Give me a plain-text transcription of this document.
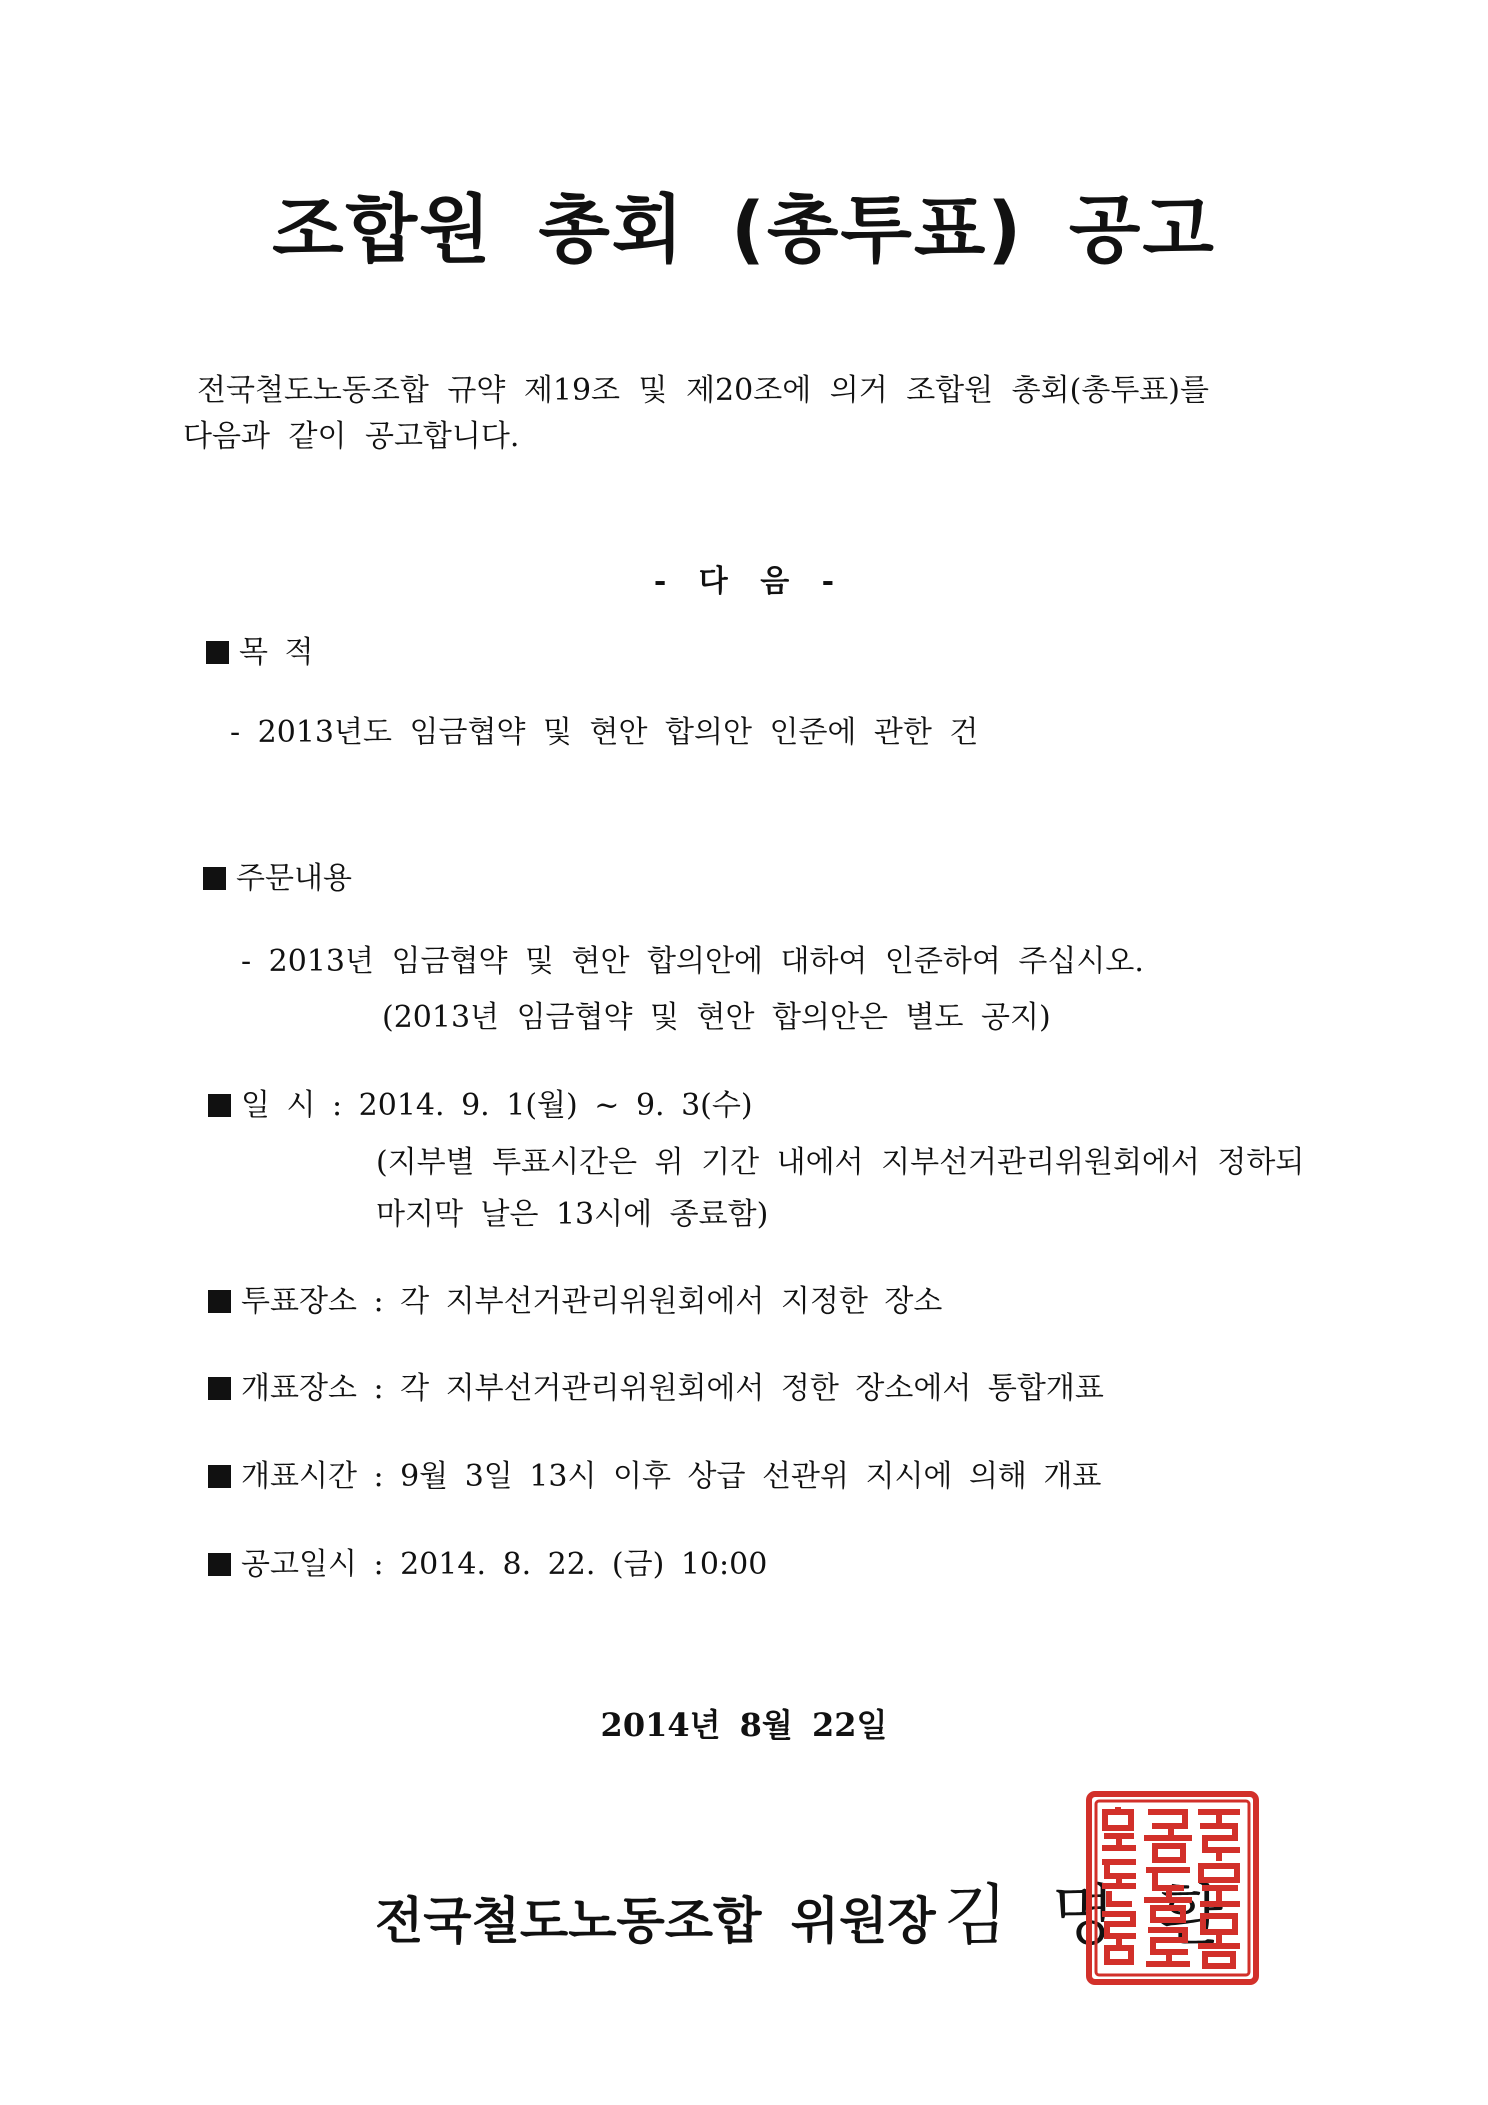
조합원 총회 (총투표) 공고
전국철도노동조합 규약 제19조 및 제20조에 의거 조합원 총회(총투표)를
다음과 같이 공고합니다.
- 다 음 -
목 적
- 2013년도 임금협약 및 현안 합의안 인준에 관한 건
주문내용
- 2013년 임금협약 및 현안 합의안에 대하여 인준하여 주십시오.
(2013년 임금협약 및 현안 합의안은 별도 공지)
일 시 : 2014. 9. 1(월) ~ 9. 3(수)
(지부별 투표시간은 위 기간 내에서 지부선거관리위원회에서 정하되
마지막 날은 13시에 종료함)
투표장소 : 각 지부선거관리위원회에서 지정한 장소
개표장소 : 각 지부선거관리위원회에서 정한 장소에서 통합개표
개표시간 : 9월 3일 13시 이후 상급 선관위 지시에 의해 개표
공고일시 : 2014. 8. 22. (금) 10:00
2014년 8월 22일
전국철도노동조합 위원장 김명환
